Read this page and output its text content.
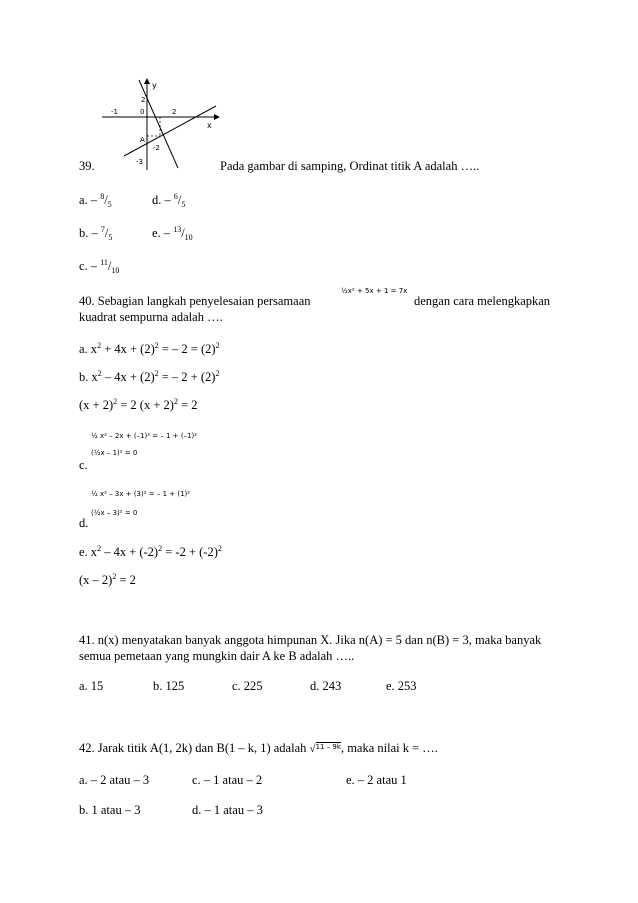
y
x
-1	0	2
2
-2
-3
A
39.	Pada gambar di samping, Ordinat titik A adalah …..
a. – $^8/_5$	d. – $^6/_5$
b. – $^7/_5$	e. – $^{13}/_{10}$
c. – $^{11}/_{10}$
40. Sebagian langkah penyelesaian persamaan
½x² + 5x + 1 = 7x
dengan cara melengkapkan
kuadrat sempurna adalah ….
a. $x^2 + 4x + (2)^2$ = – $2 = (2)^2$
b. $x^2 - 4x + (2)^2$ = – $2 + (2)^2$
$(x + 2)^2 = 2$ $(x + 2)^2 = 2$
½ x² – 2x + (–1)² = – 1 + (–1)²
(½x – 1)² = 0
c.
½ x² – 3x + (3)² = – 1 + (1)²
(½x – 3)² = 0
d.
e. $x^2 - 4x + (-2)^2 = -2 + (-2)^2$
(x – 2)$^2$ = 2
41. n(x) menyatakan banyak anggota himpunan X. Jika n(A) = 5 dan n(B) = 3, maka banyak
semua pemetaan yang mungkin dair A ke B adalah …..
a. 15	b. 125	c. 225	d. 243	e. 253
42. Jarak titik A(1, 2k) dan B(1 – k, 1) adalah √$^{11 - 9k}$, maka nilai k = ….
a. – 2 atau – 3	c. – 1 atau – 2	e. – 2 atau 1
b. 1 atau – 3	d. – 1 atau – 3
